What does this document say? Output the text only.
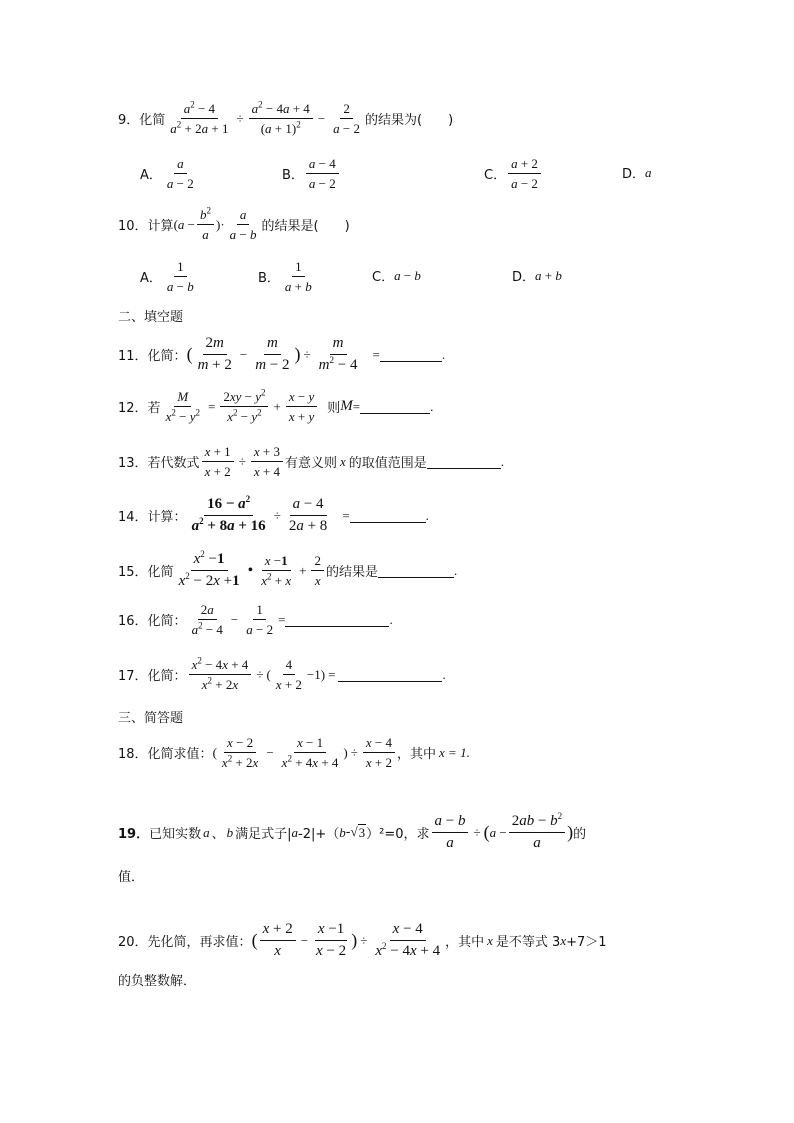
9． 化简 $\frac{a^2 - 4}{a^2 + 2a + 1} \div \frac{a^2 - 4a + 4}{(a + 1)^2} - \frac{2}{a - 2}$ 的结果为(　　)
A． $\frac{a}{a - 2}$	B． $\frac{a - 4}{a - 2}$	C． $\frac{a + 2}{a - 2}$	D． a
10． 计算 ($a - \frac{b^2}{a}$ )· $\frac{a}{a - b}$ 的结果是(　　)
A． $\frac{1}{a - b}$	B． $\frac{1}{a + b}$	C． a − b	D． a + b
二、填空题
11． 化简： ( $\frac{2m}{m + 2} - \frac{m}{m - 2}$ ) ÷ $\frac{m}{m^2 - 4}$ =	.
12． 若 $\frac{M}{x^2 - y^2} = \frac{2xy - y^2}{x^2 - y^2} + \frac{x - y}{x + y}$ 则 M =	.
13． 若代数式 $\frac{x + 1}{x + 2} \div \frac{x + 3}{x + 4}$ 有意义则 x 的取值范围是	.
14． 计算： $\frac{16 - a^2}{a^2 + 8a + 16} \div \frac{a - 4}{2a + 8}$ =	.
15． 化简 $\frac{x^2 -1}{x^2 - 2x +1}$ • $\frac{x -1}{x^2 + x} + \frac{2}{x}$ 的结果是	.
16． 化简： $\frac{2a}{a^2 - 4} - \frac{1}{a - 2}$ =	.
17． 化简： $\frac{x^2 - 4x + 4}{x^2 + 2x}$ ÷ ( $\frac{4}{x + 2} -1$) =	.
三、简答题
18． 化简求值： ( $\frac{x - 2}{x^2 + 2x} - \frac{x - 1}{x^2 + 4x + 4}$ ) ÷ $\frac{x - 4}{x + 2}$ ，其中 x = 1.
19． 已知实数 a 、 b 满足式子| a -2|+（ b - √ 3 ）²=0，求 $\frac{a - b}{a}$ ÷ ( $a - \frac{2ab - b^2}{a}$ ) 的
值．
20． 先化简，再求值： ( $\frac{x + 2}{x} - \frac{x -1}{x - 2}$ ) ÷ $\frac{x - 4}{x^2 - 4x + 4}$ ，其中 x 是不等式 3 x +7＞1
的负整数解．
